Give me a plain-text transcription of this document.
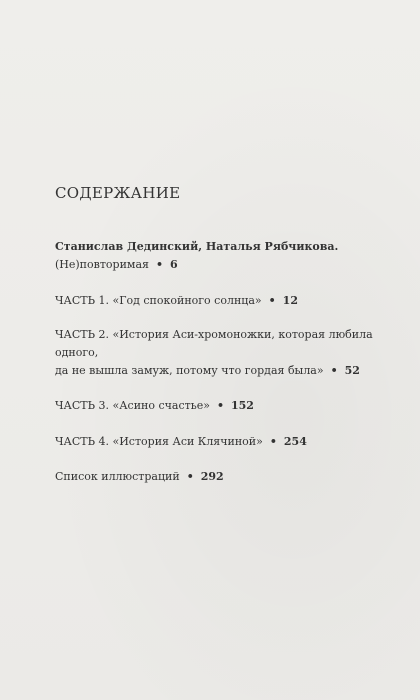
СОДЕРЖАНИЕ
Станислав Дединский, Наталья Рябчикова.
(Не)повторимая • 6
ЧАСТЬ 1. «Год спокойного солнца» • 12
ЧАСТЬ 2. «История Аси-хромоножки, которая любила одного,
да не вышла замуж, потому что гордая была» • 52
ЧАСТЬ 3. «Асино счастье» • 152
ЧАСТЬ 4. «История Аси Клячиной» • 254
Список иллюстраций • 292
